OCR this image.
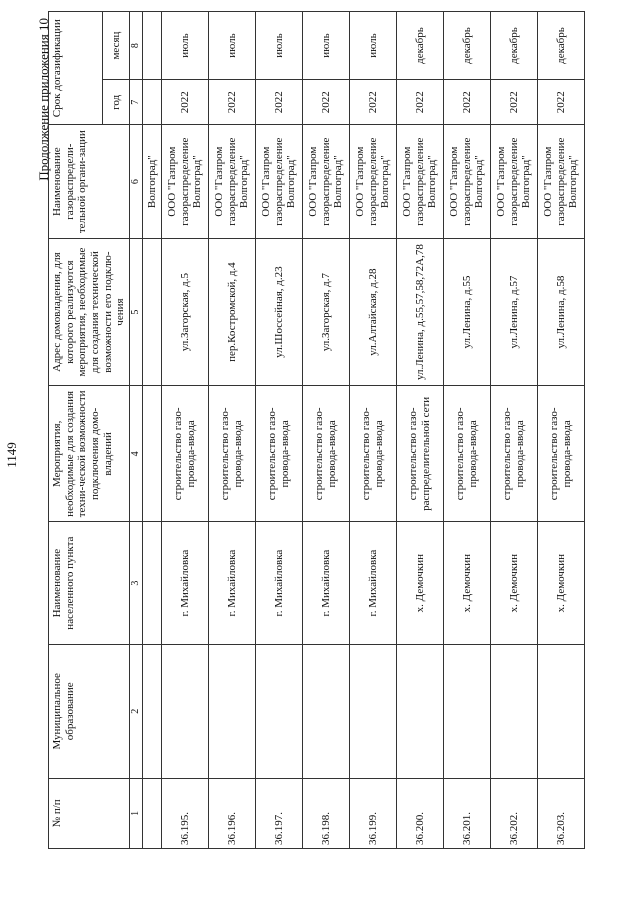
1149
Продолжение приложения 10
№ п/п	Муниципальное образование	Наименование населенного пункта	Мероприятия, необходимые для создания техни-ческой возможности подключения домо-владений	Адрес домовладения, для которого реализуются мероприятия, необходимые для создания технической возможности его подклю-чения	Наименование газораспредели-тельной органи-зации	Срок догазификации	
						год	месяц
1	2	3	4	5	6	7	8
					Волгоград"		
36.195.		г. Михайловка	строительство газо-провода-ввода	ул.Загорская, д.5	ООО "Газпром газораспределение Волгоград"	2022	июль
36.196.		г. Михайловка	строительство газо-провода-ввода	пер.Костромской, д.4	ООО "Газпром газораспределение Волгоград"	2022	июль
36.197.		г. Михайловка	строительство газо-провода-ввода	ул.Шоссейная, д.23	ООО "Газпром газораспределение Волгоград"	2022	июль
36.198.		г. Михайловка	строительство газо-провода-ввода	ул.Загорская, д.7	ООО "Газпром газораспределение Волгоград"	2022	июль
36.199.		г. Михайловка	строительство газо-провода-ввода	ул.Алтайская, д.28	ООО "Газпром газораспределение Волгоград"	2022	июль
36.200.		х. Демочкин	строительство газо-распределительной сети	ул.Ленина, д.55,57,58,72А,78	ООО "Газпром газораспределение Волгоград"	2022	декабрь
36.201.		х. Демочкин	строительство газо-провода-ввода	ул.Ленина, д.55	ООО "Газпром газораспределение Волгоград"	2022	декабрь
36.202.		х. Демочкин	строительство газо-провода-ввода	ул.Ленина, д.57	ООО "Газпром газораспределение Волгоград"	2022	декабрь
36.203.		х. Демочкин	строительство газо-провода-ввода	ул.Ленина, д.58	ООО "Газпром газораспределение Волгоград"	2022	декабрь
